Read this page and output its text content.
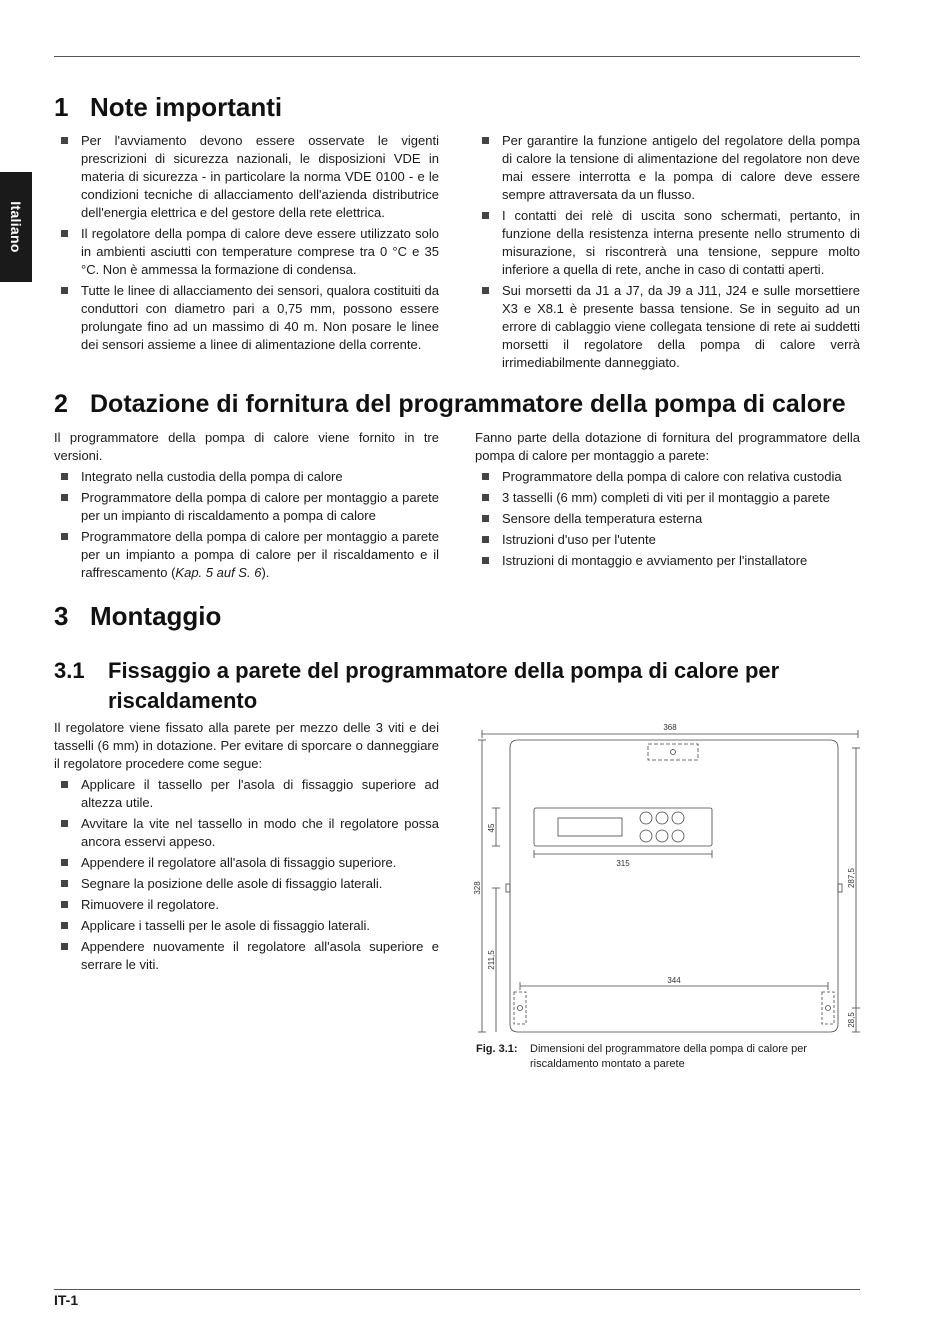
Italiano
1 Note importanti
Per l'avviamento devono essere osservate le vigenti prescrizioni di sicurezza nazionali, le disposizioni VDE in materia di sicurezza - in particolare la norma VDE 0100 - e le condizioni tecniche di allacciamento dell'azienda distributrice dell'energia elettrica e del gestore della rete elettrica.
Il regolatore della pompa di calore deve essere utilizzato solo in ambienti asciutti con temperature comprese tra 0 °C e 35 °C. Non è ammessa la formazione di condensa.
Tutte le linee di allacciamento dei sensori, qualora costituiti da conduttori con diametro pari a 0,75 mm, possono essere prolungate fino ad un massimo di 40 m. Non posare le linee dei sensori assieme a linee di alimentazione della corrente.
Per garantire la funzione antigelo del regolatore della pompa di calore la tensione di alimentazione del regolatore non deve mai essere interrotta e la pompa di calore deve essere sempre attraversata da un flusso.
I contatti dei relè di uscita sono schermati, pertanto, in funzione della resistenza interna presente nello strumento di misurazione, si riscontrerà una tensione, seppure molto inferiore a quella di rete, anche in caso di contatti aperti.
Sui morsetti da J1 a J7, da J9 a J11, J24 e sulle morsettiere X3 e X8.1 è presente bassa tensione. Se in seguito ad un errore di cablaggio viene collegata tensione di rete ai suddetti morsetti il regolatore della pompa di calore verrà irrimediabilmente danneggiato.
2 Dotazione di fornitura del programmatore della pompa di calore

Il programmatore della pompa di calore viene fornito in tre versioni.

Integrato nella custodia della pompa di calore
Programmatore della pompa di calore per montaggio a parete per un impianto di riscaldamento a pompa di calore
Programmatore della pompa di calore per montaggio a parete per un impianto a pompa di calore per il riscaldamento e il raffrescamento (Kap. 5 auf S. 6).

Fanno parte della dotazione di fornitura del programmatore della pompa di calore per montaggio a parete:

Programmatore della pompa di calore con relativa custodia
3 tasselli (6 mm) completi di viti per il montaggio a parete
Sensore della temperatura esterna
Istruzioni d'uso per l'utente
Istruzioni di montaggio e avviamento per l'installatore
3 Montaggio
3.1 Fissaggio a parete del programmatore della pompa di calore per riscaldamento

Il regolatore viene fissato alla parete per mezzo delle 3 viti e dei tasselli (6 mm) in dotazione. Per evitare di sporcare o danneggiare il regolatore procedere come segue:

Applicare il tassello per l'asola di fissaggio superiore ad altezza utile.
Avvitare la vite nel tassello in modo che il regolatore possa ancora esservi appeso.
Appendere il regolatore all'asola di fissaggio superiore.
Segnare la posizione delle asole di fissaggio laterali.
Rimuovere il regolatore.
Applicare i tasselli per le asole di fissaggio laterali.
Appendere nuovamente il regolatore all'asola superiore e serrare le viti.
368
315
344
328
45
211,5
287,5
28,5
Fig. 3.1: Dimensioni del programmatore della pompa di calore per riscaldamento montato a parete
IT-1
